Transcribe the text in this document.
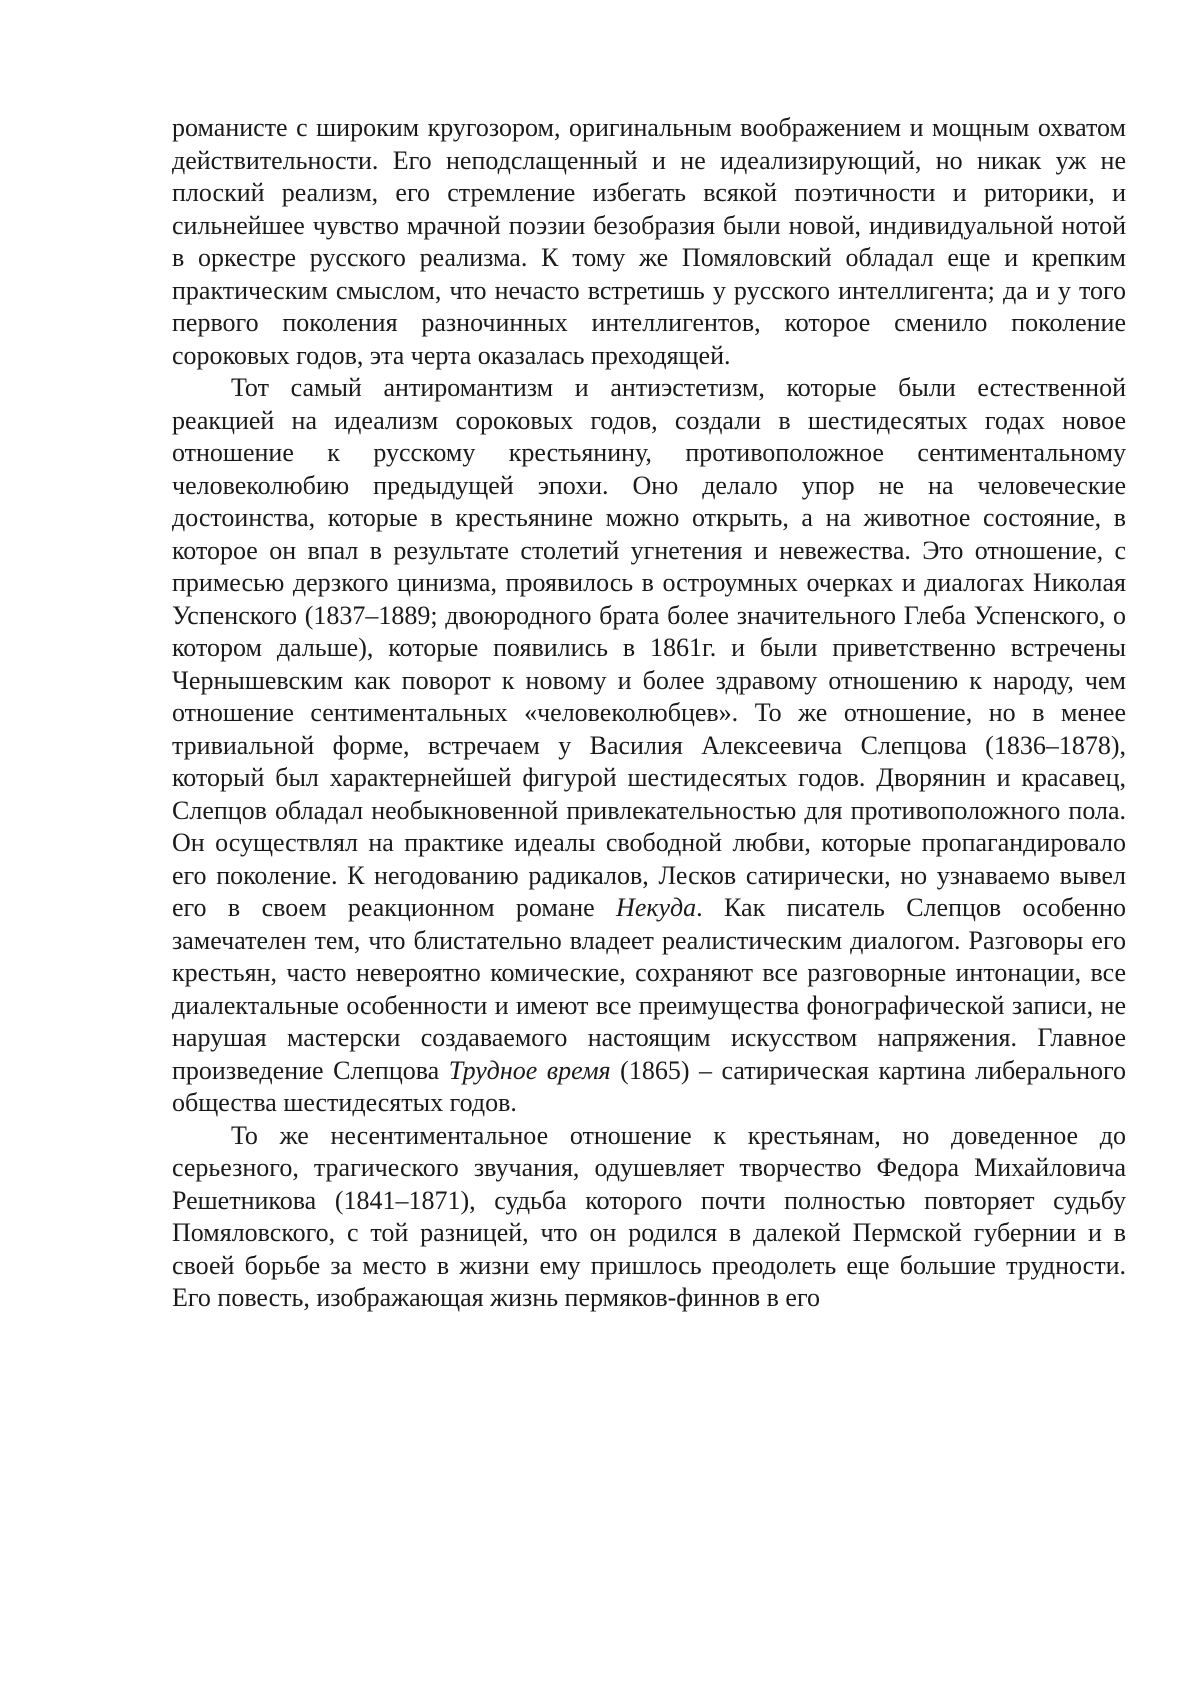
романисте с широким кругозором, оригинальным воображением и мощным охватом действительности. Его неподслащенный и не идеализирующий, но никак уж не плоский реализм, его стремление избегать всякой поэтичности и риторики, и сильнейшее чувство мрачной поэзии безобразия были новой, индивидуальной нотой в оркестре русского реализма. К тому же Помяловский обладал еще и крепким практическим смыслом, что нечасто встретишь у русского интеллигента; да и у того первого поколения разночинных интеллигентов, которое сменило поколение сороковых годов, эта черта оказалась преходящей.

Тот самый антиромантизм и антиэстетизм, которые были естественной реакцией на идеализм сороковых годов, создали в шестидесятых годах новое отношение к русскому крестьянину, противоположное сентиментальному человеколюбию предыдущей эпохи. Оно делало упор не на человеческие достоинства, которые в крестьянине можно открыть, а на животное состояние, в которое он впал в результате столетий угнетения и невежества. Это отношение, с примесью дерзкого цинизма, проявилось в остроумных очерках и диалогах Николая Успенского (1837–1889; двоюродного брата более значительного Глеба Успенского, о котором дальше), которые появились в 1861г. и были приветственно встречены Чернышевским как поворот к новому и более здравому отношению к народу, чем отношение сентиментальных «человеколюбцев». То же отношение, но в менее тривиальной форме, встречаем у Василия Алексеевича Слепцова (1836–1878), который был характернейшей фигурой шестидесятых годов. Дворянин и красавец, Слепцов обладал необыкновенной привлекательностью для противоположного пола. Он осуществлял на практике идеалы свободной любви, которые пропагандировало его поколение. К негодованию радикалов, Лесков сатирически, но узнаваемо вывел его в своем реакционном романе Некуда. Как писатель Слепцов особенно замечателен тем, что блистательно владеет реалистическим диалогом. Разговоры его крестьян, часто невероятно комические, сохраняют все разговорные интонации, все диалектальные особенности и имеют все преимущества фонографической записи, не нарушая мастерски создаваемого настоящим искусством напряжения. Главное произведение Слепцова Трудное время (1865) – сатирическая картина либерального общества шестидесятых годов.

То же несентиментальное отношение к крестьянам, но доведенное до серьезного, трагического звучания, одушевляет творчество Федора Михайловича Решетникова (1841–1871), судьба которого почти полностью повторяет судьбу Помяловского, с той разницей, что он родился в далекой Пермской губернии и в своей борьбе за место в жизни ему пришлось преодолеть еще большие трудности. Его повесть, изображающая жизнь пермяков-финнов в его
